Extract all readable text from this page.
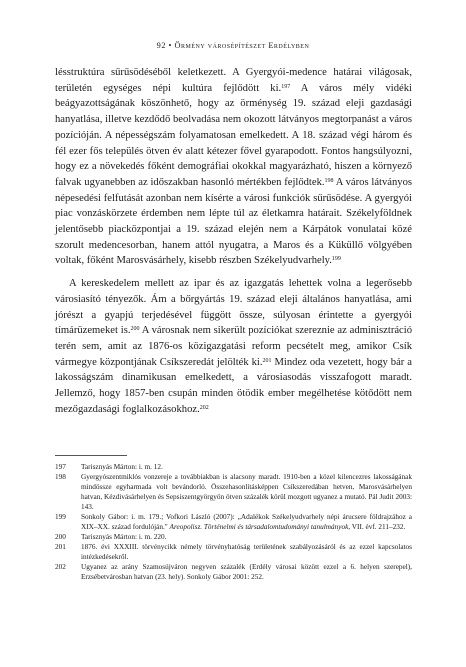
92 • Örmény városépítészet Erdélyben

lésstruktúra sűrűsödéséből keletkezett. A Gyergyói-medence határai világosak, területén egységes népi kultúra fejlődött ki.$^{197}$ A város mély vidéki beágyazottságának köszönhető, hogy az örménység 19. század eleji gazdasági hanyatlása, illetve kezdődő beolvadása nem okozott látványos megtorpanást a város pozícióján. A népességszám folyamatosan emelkedett. A 18. század végi három és fél ezer fős település ötven év alatt kétezer fővel gyarapodott. Fontos hangsúlyozni, hogy ez a növekedés főként demográfiai okokkal magyarázható, hiszen a környező falvak ugyanebben az időszakban hasonló mértékben fejlődtek.$^{198}$ A város látványos népesedési felfutását azonban nem kísérte a városi funkciók sűrűsödése. A gyergyói piac vonzáskörzete érdemben nem lépte túl az életkamra határait. Székelyföldnek jelentősebb piacközpontjai a 19. század elején nem a Kárpátok vonulatai közé szorult medencesorban, hanem attól nyugatra, a Maros és a Küküllő völgyében voltak, főként Marosvásárhely, kisebb részben Székelyudvarhely.$^{199}$

A kereskedelem mellett az ipar és az igazgatás lehettek volna a legerősebb városiasító tényezők. Ám a bőrgyártás 19. század eleji általános hanyatlása, ami jórészt a gyapjú terjedésével függött össze, súlyosan érintette a gyergyói tímárüzemeket is.$^{200}$ A városnak nem sikerült pozíciókat szereznie az adminisztráció terén sem, amit az 1876-os közigazgatási reform pecsételt meg, amikor Csík vármegye központjának Csíkszeredát jelölték ki.$^{201}$ Mindez oda vezetett, hogy bár a lakosságszám dinamikusan emelkedett, a városiasodás visszafogott maradt. Jellemző, hogy 1857-ben csupán minden ötödik ember megélhetése kötődött nem mezőgazdasági foglalkozásokhoz.$^{202}$

197 Tarisznyás Márton: i. m. 12.

198 Gyergyószentmiklós vonzereje a továbbiakban is alacsony maradt. 1910-ben a közel kilencezres lakosságának mindössze egyharmada volt bevándorló. Összehasonlításképpen Csíkszeredában hetven, Marosvásárhelyen hatvan, Kézdivásárhelyen és Sepsiszentgyörgyön ötven százalék körül mozgott ugyanez a mutató. Pál Judit 2003: 143.

199 Sonkoly Gábor: i. m. 179.; Vofkori László (2007): „Adalékok Székelyudvarhely népi árucsere földrajzához a XIX–XX. század fordulóján." Areopolisz. Történelmi és társadalomtudományi tanulmányok, VII. évf. 211–232.

200 Tarisznyás Márton: i. m. 220.

201 1876. évi XXXIII. törvénycikk némely törvényhatóság területének szabályozásáról és az ezzel kapcsolatos intézkedésekről.

202 Ugyanez az arány Szamosújváron negyven százalék (Erdély városai között ezzel a 6. helyen szerepel), Erzsébetvárosban hatvan (23. hely). Sonkoly Gábor 2001: 252.
